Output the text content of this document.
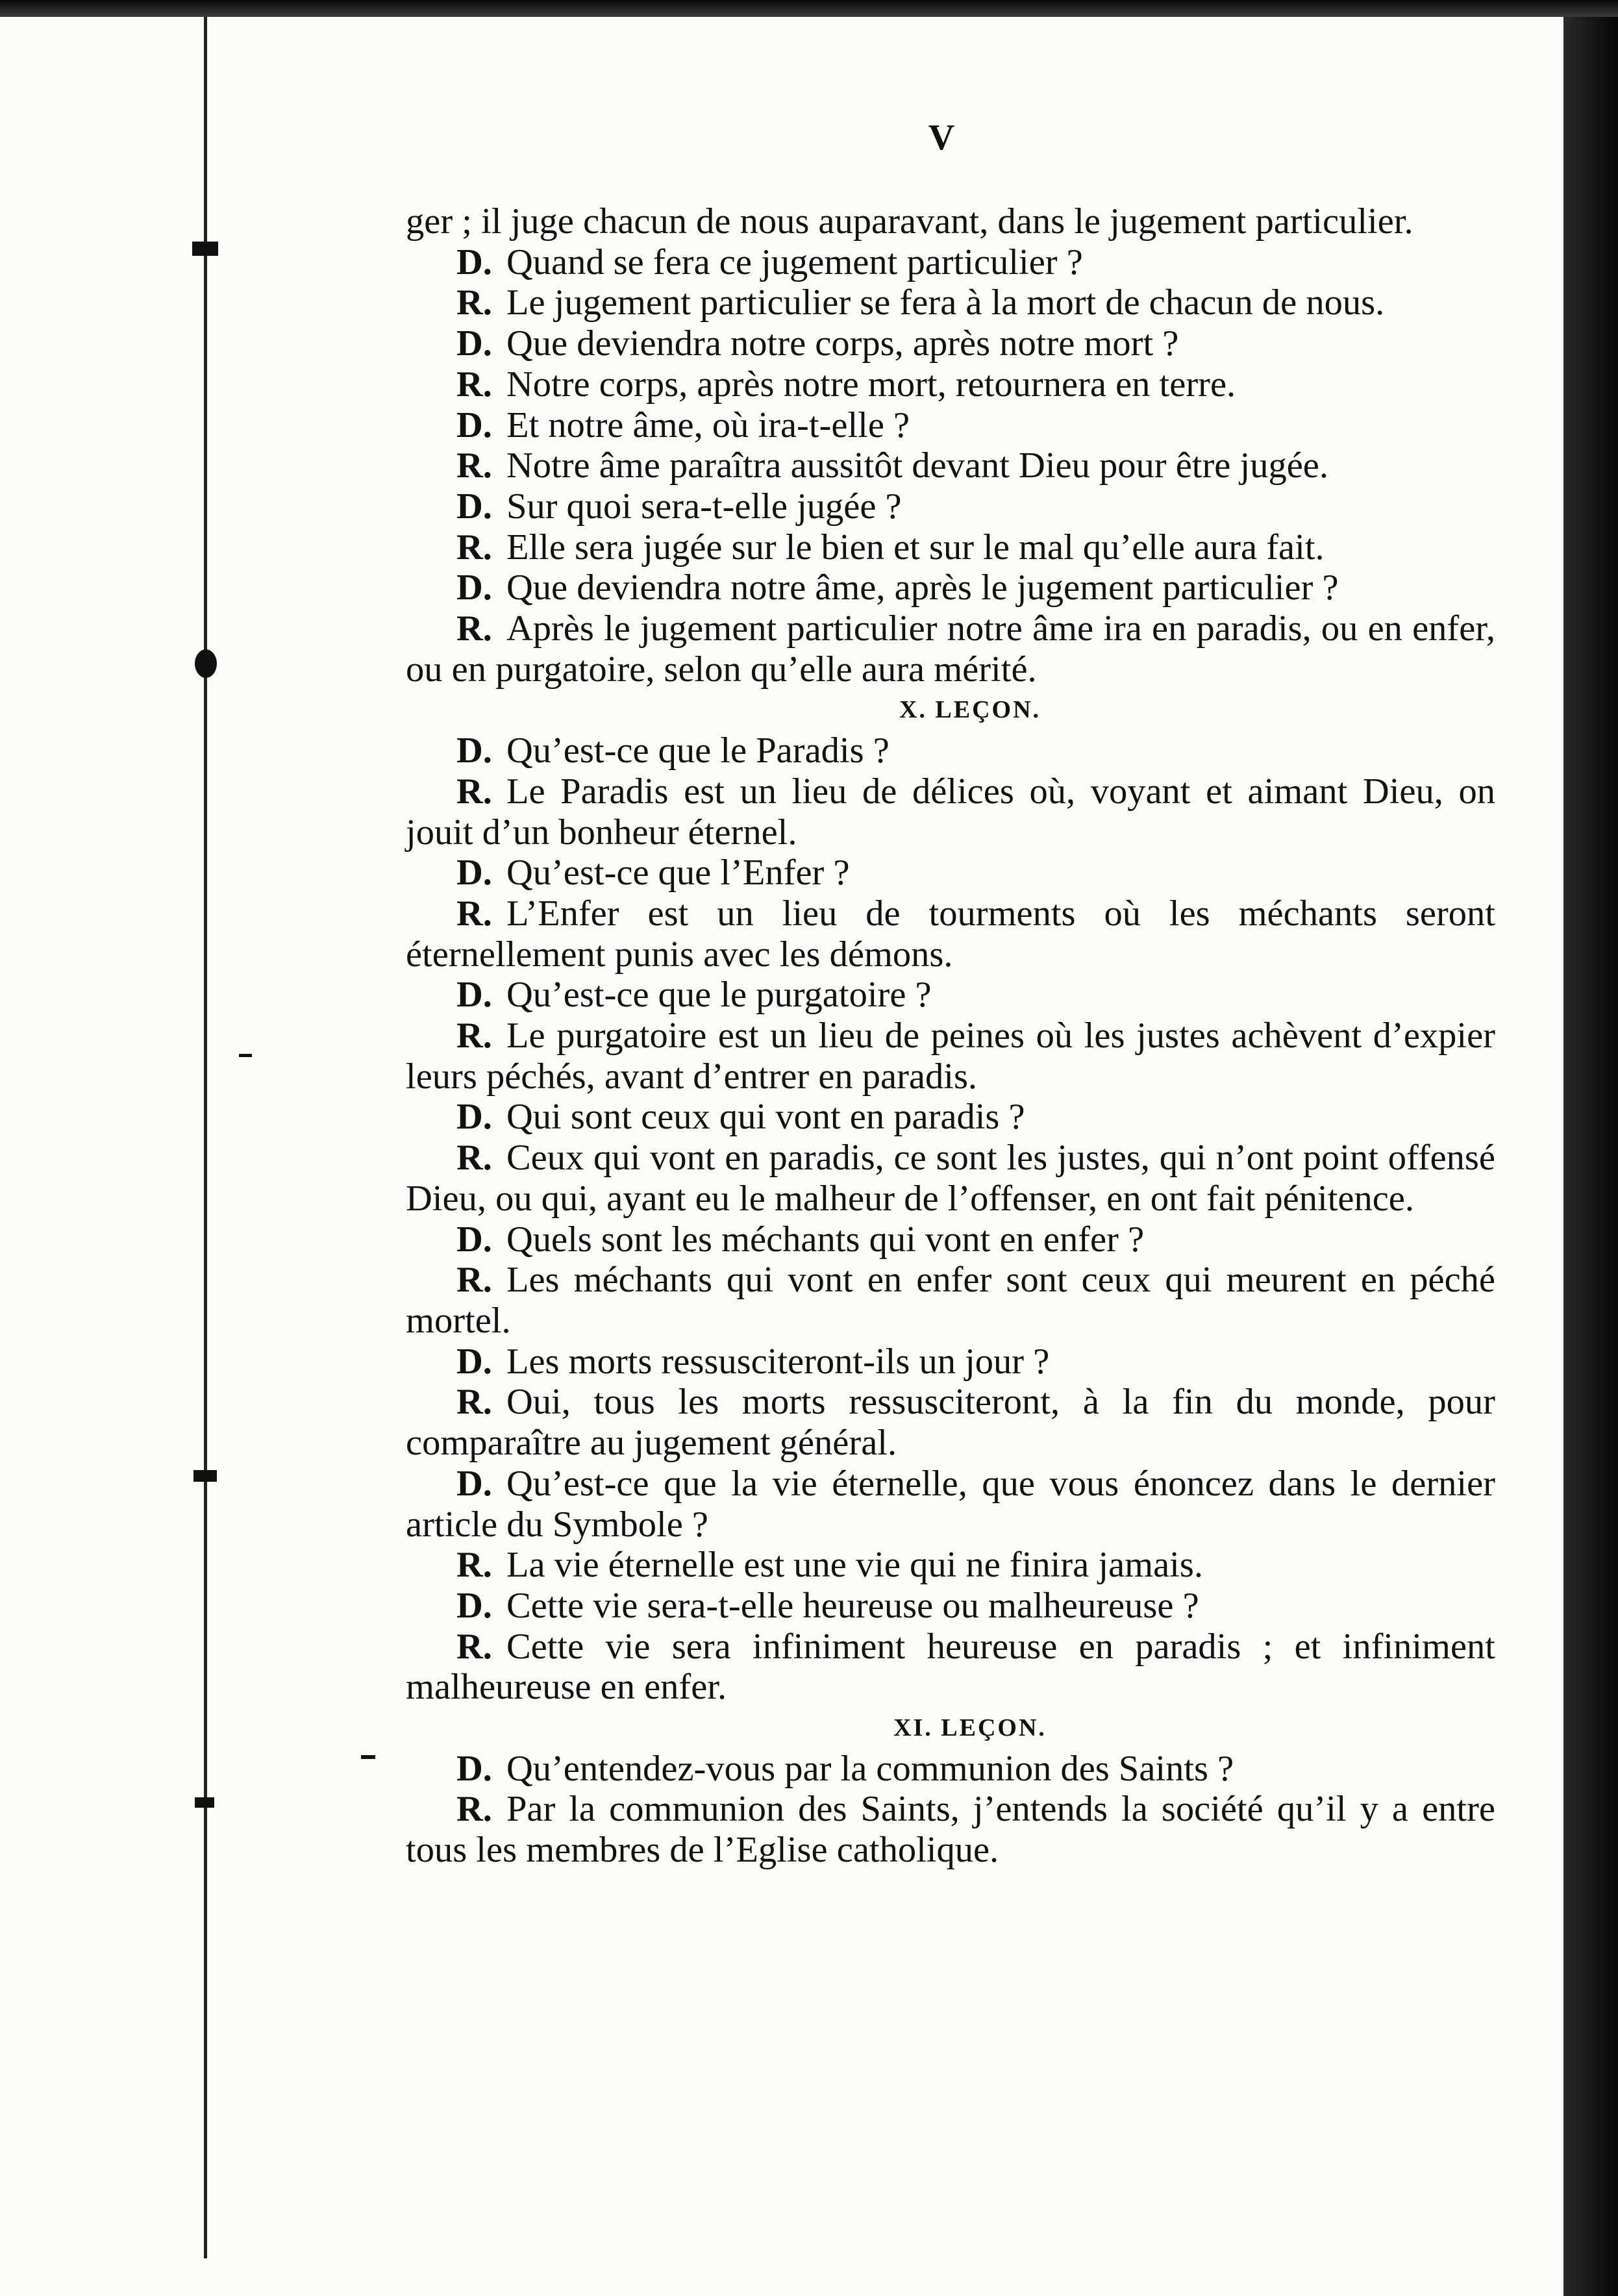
V

ger ; il juge chacun de nous auparavant, dans le jugement particulier.

D. Quand se fera ce jugement particulier ?

R. Le jugement particulier se fera à la mort de chacun de nous.

D. Que deviendra notre corps, après notre mort ?

R. Notre corps, après notre mort, retournera en terre.

D. Et notre âme, où ira-t-elle ?

R. Notre âme paraîtra aussitôt devant Dieu pour être jugée.

D. Sur quoi sera-t-elle jugée ?

R. Elle sera jugée sur le bien et sur le mal qu’elle aura fait.

D. Que deviendra notre âme, après le jugement particulier ?

R. Après le jugement particulier notre âme ira en paradis, ou en enfer, ou en purgatoire, selon qu’elle aura mérité.

X. LEÇON.

D. Qu’est-ce que le Paradis ?

R. Le Paradis est un lieu de délices où, voyant et aimant Dieu, on jouit d’un bonheur éternel.

D. Qu’est-ce que l’Enfer ?

R. L’Enfer est un lieu de tourments où les méchants seront éternellement punis avec les démons.

D. Qu’est-ce que le purgatoire ?

R. Le purgatoire est un lieu de peines où les justes achèvent d’expier leurs péchés, avant d’entrer en paradis.

D. Qui sont ceux qui vont en paradis ?

R. Ceux qui vont en paradis, ce sont les justes, qui n’ont point offensé Dieu, ou qui, ayant eu le malheur de l’offenser, en ont fait pénitence.

D. Quels sont les méchants qui vont en enfer ?

R. Les méchants qui vont en enfer sont ceux qui meurent en péché mortel.

D. Les morts ressusciteront-ils un jour ?

R. Oui, tous les morts ressusciteront, à la fin du monde, pour comparaître au jugement général.

D. Qu’est-ce que la vie éternelle, que vous énoncez dans le dernier article du Symbole ?

R. La vie éternelle est une vie qui ne finira jamais.

D. Cette vie sera-t-elle heureuse ou malheureuse ?

R. Cette vie sera infiniment heureuse en paradis ; et infiniment malheureuse en enfer.

XI. LEÇON.

D. Qu’entendez-vous par la communion des Saints ?

R. Par la communion des Saints, j’entends la société qu’il y a entre tous les membres de l’Eglise catholique.
